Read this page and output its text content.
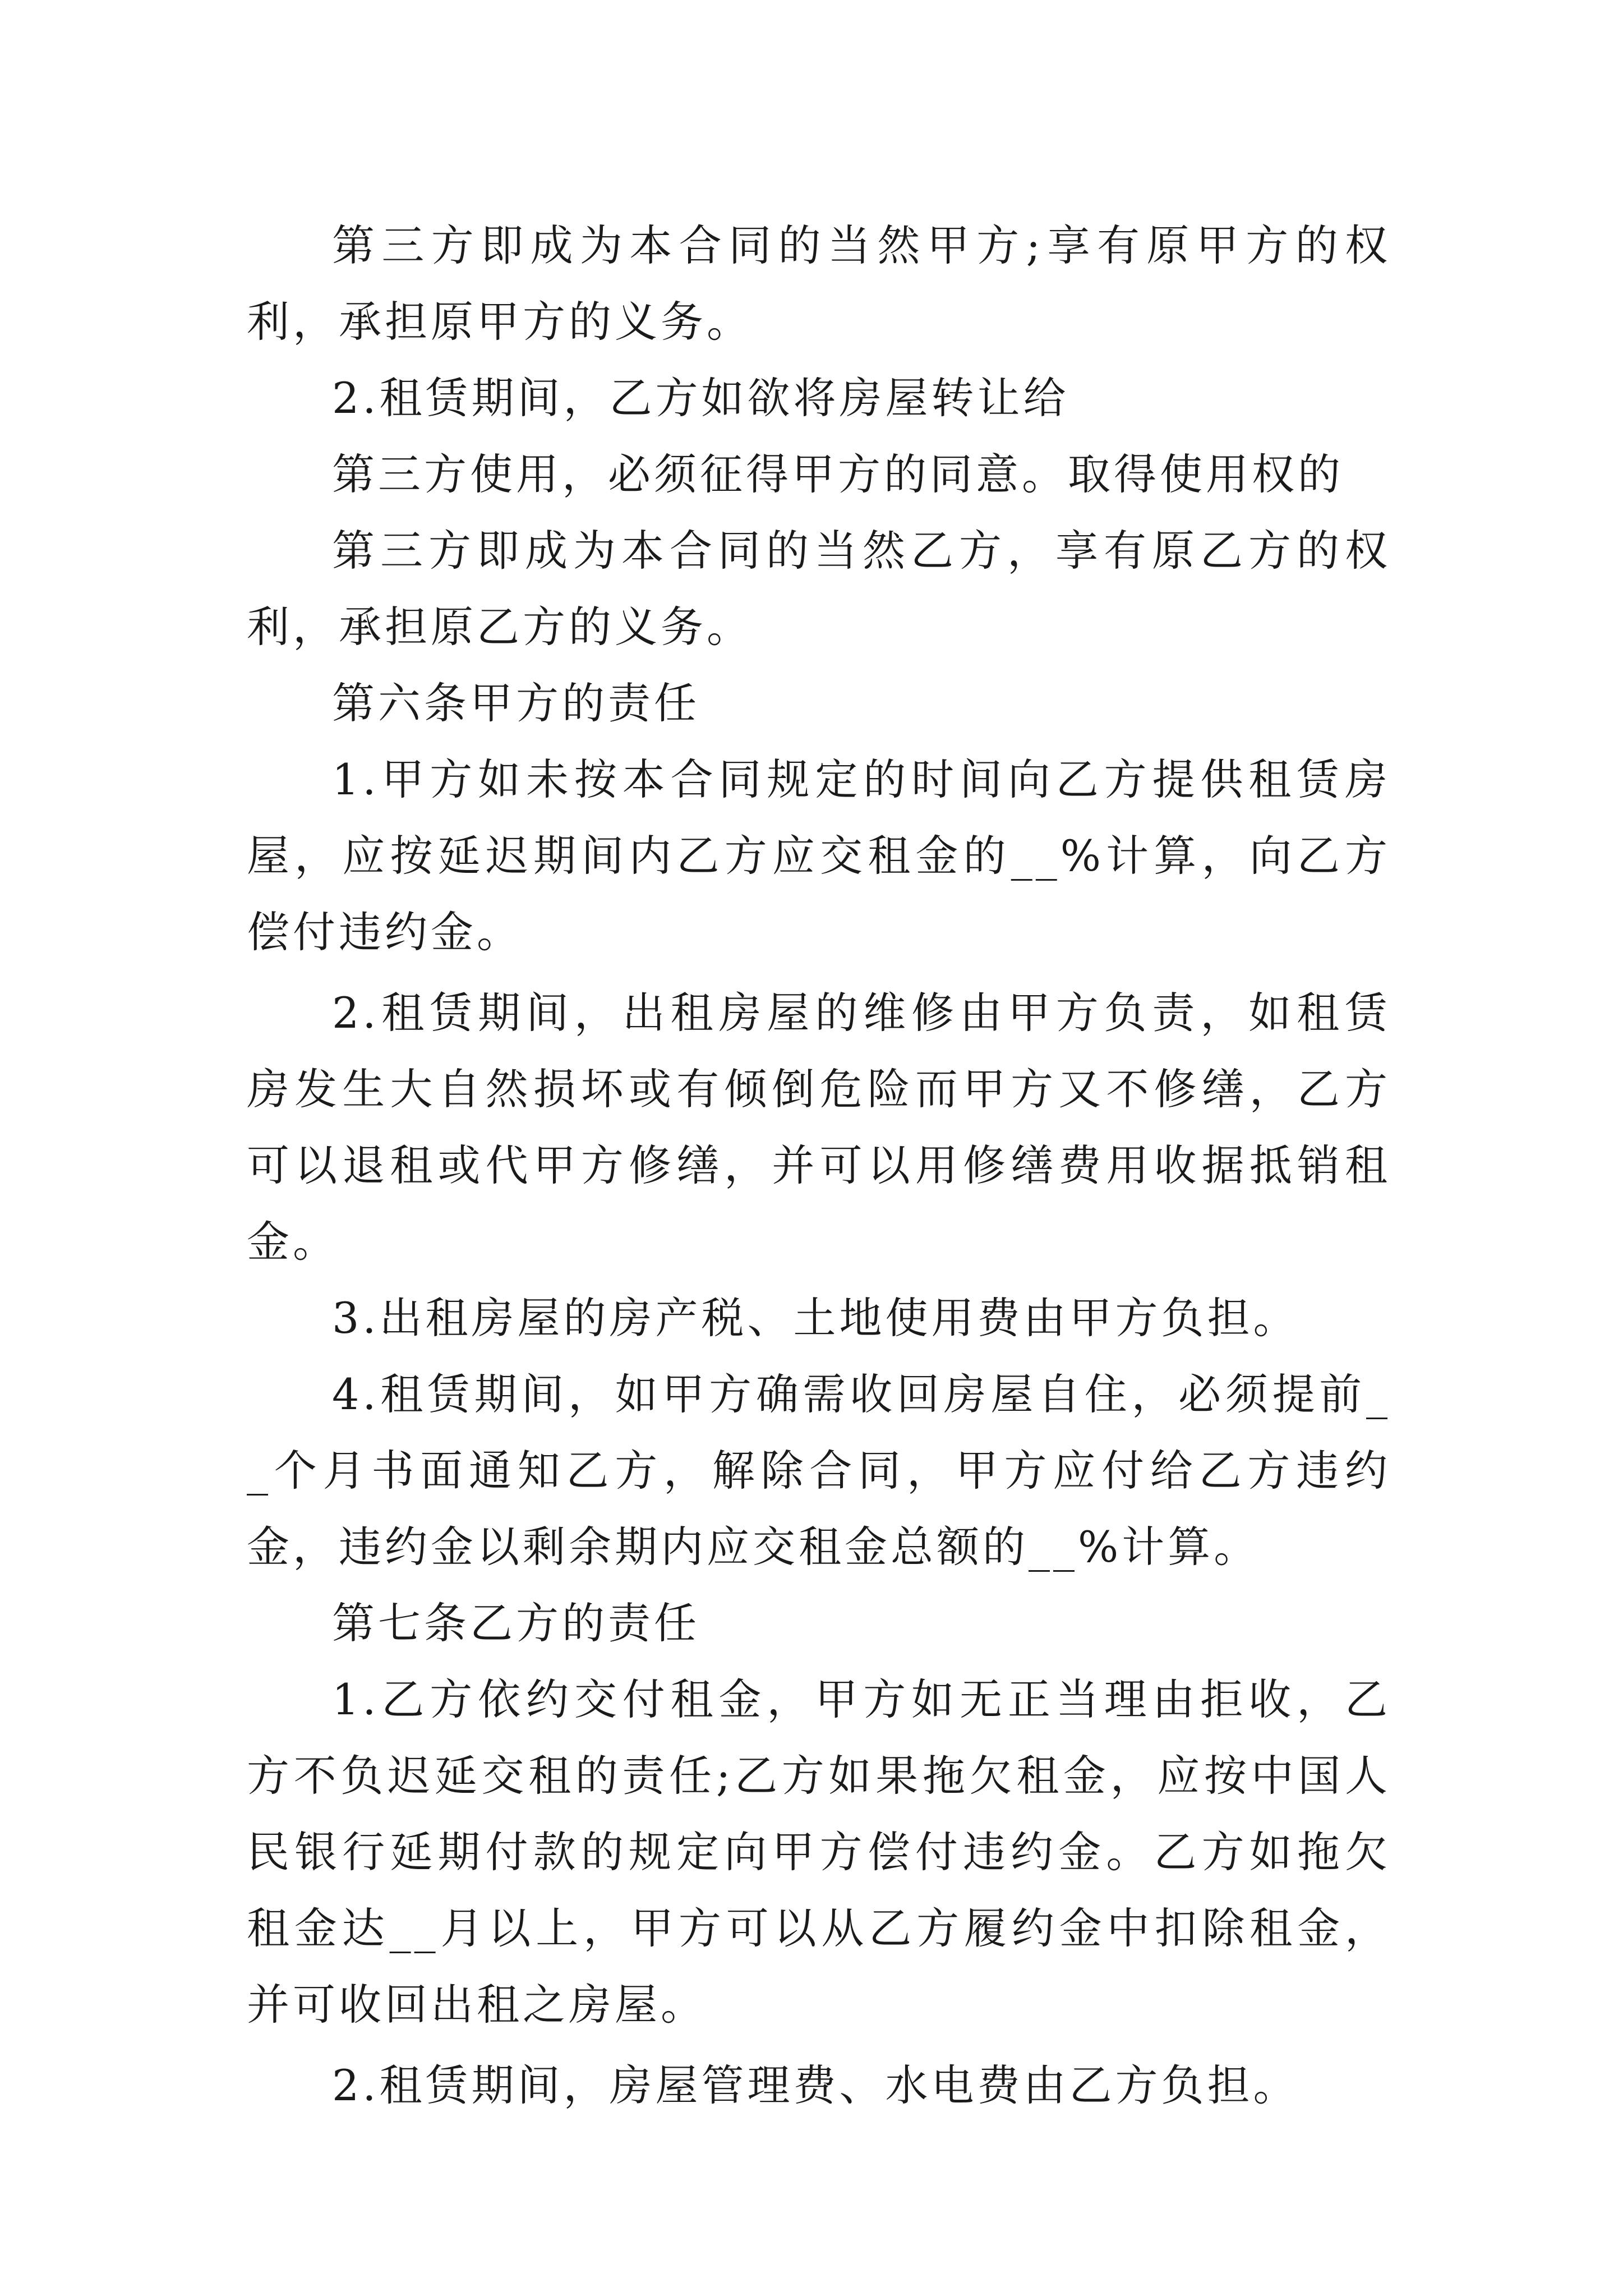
第三方即成为本合同的当然甲方;享有原甲方的权利，承担原甲方的义务。

2.租赁期间，乙方如欲将房屋转让给

第三方使用，必须征得甲方的同意。取得使用权的

第三方即成为本合同的当然乙方，享有原乙方的权利，承担原乙方的义务。

第六条甲方的责任

1.甲方如未按本合同规定的时间向乙方提供租赁房屋，应按延迟期间内乙方应交租金的__%计算，向乙方偿付违约金。

2.租赁期间，出租房屋的维修由甲方负责，如租赁房发生大自然损坏或有倾倒危险而甲方又不修缮，乙方可以退租或代甲方修缮，并可以用修缮费用收据抵销租金。

3.出租房屋的房产税、土地使用费由甲方负担。

4.租赁期间，如甲方确需收回房屋自住，必须提前__个月书面通知乙方，解除合同，甲方应付给乙方违约金，违约金以剩余期内应交租金总额的__%计算。

第七条乙方的责任

1.乙方依约交付租金，甲方如无正当理由拒收，乙方不负迟延交租的责任;乙方如果拖欠租金，应按中国人民银行延期付款的规定向甲方偿付违约金。乙方如拖欠租金达__月以上，甲方可以从乙方履约金中扣除租金，并可收回出租之房屋。

2.租赁期间，房屋管理费、水电费由乙方负担。
